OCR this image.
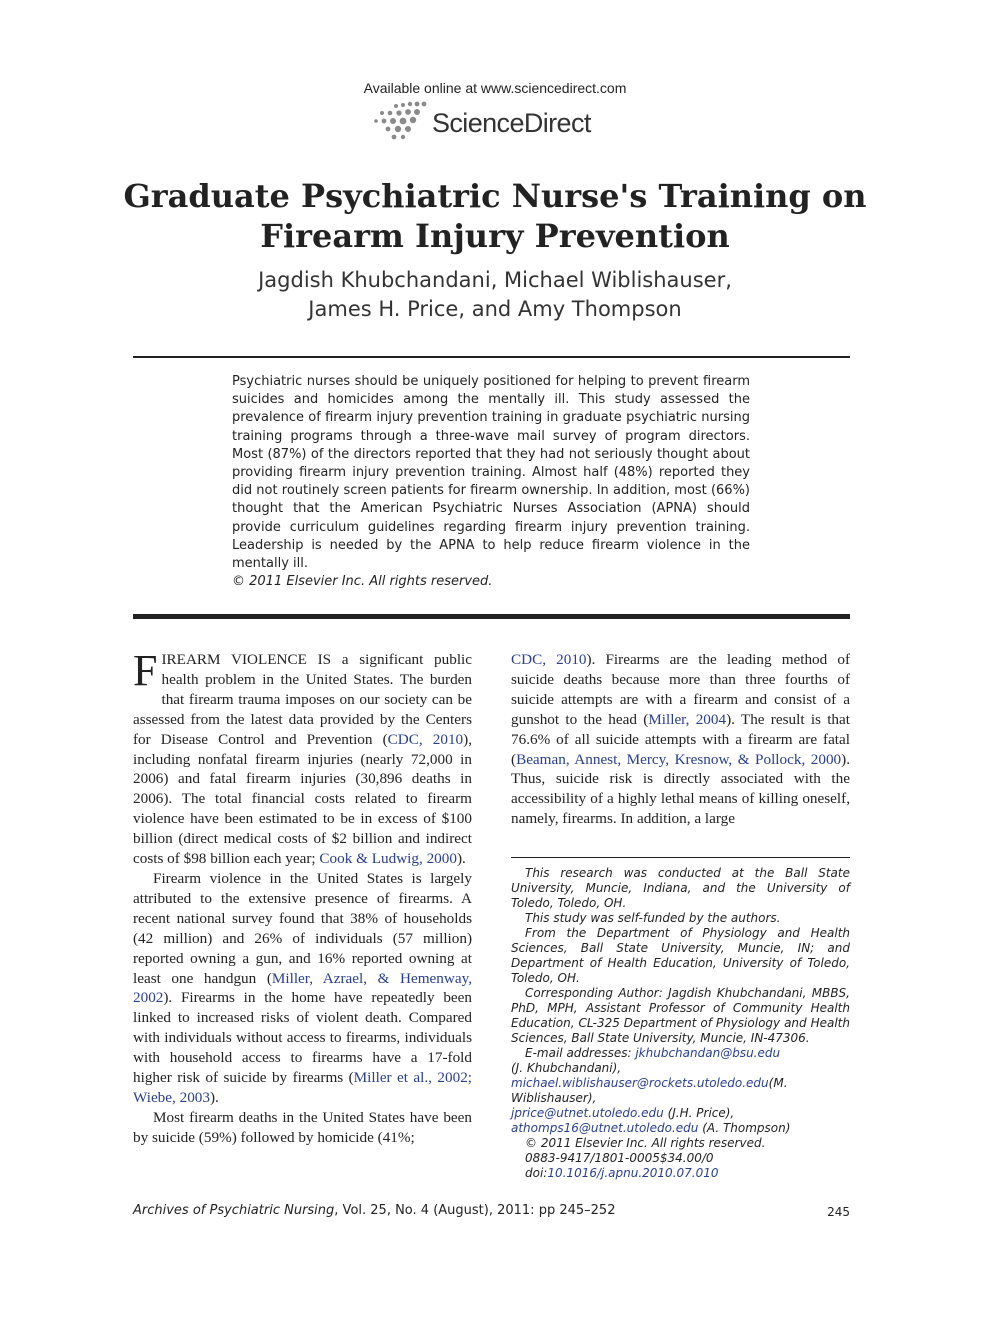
Available online at www.sciencedirect.com
ScienceDirect
Graduate Psychiatric Nurse's Training on
Firearm Injury Prevention
Jagdish Khubchandani, Michael Wiblishauser,
James H. Price, and Amy Thompson
Psychiatric nurses should be uniquely positioned for helping to prevent firearm suicides and homicides among the mentally ill. This study assessed the prevalence of firearm injury prevention training in graduate psychiatric nursing training programs through a three-wave mail survey of program directors. Most (87%) of the directors reported that they had not seriously thought about providing firearm injury prevention training. Almost half (48%) reported they did not routinely screen patients for firearm ownership. In addition, most (66%) thought that the American Psychiatric Nurses Association (APNA) should provide curriculum guidelines regarding firearm injury prevention training. Leadership is needed by the APNA to help reduce firearm violence in the mentally ill.
© 2011 Elsevier Inc. All rights reserved.

FIREARM VIOLENCE IS a significant public health problem in the United States. The burden that firearm trauma imposes on our society can be assessed from the latest data provided by the Centers for Disease Control and Prevention (CDC, 2010), including nonfatal firearm injuries (nearly 72,000 in 2006) and fatal firearm injuries (30,896 deaths in 2006). The total financial costs related to firearm violence have been estimated to be in excess of $100 billion (direct medical costs of $2 billion and indirect costs of $98 billion each year; Cook & Ludwig, 2000).

Firearm violence in the United States is largely attributed to the extensive presence of firearms. A recent national survey found that 38% of households (42 million) and 26% of individuals (57 million) reported owning a gun, and 16% reported owning at least one handgun (Miller, Azrael, & Hemenway, 2002). Firearms in the home have repeatedly been linked to increased risks of violent death. Compared with individuals without access to firearms, individuals with household access to firearms have a 17-fold higher risk of suicide by firearms (Miller et al., 2002; Wiebe, 2003).

Most firearm deaths in the United States have been by suicide (59%) followed by homicide (41%;

CDC, 2010). Firearms are the leading method of suicide deaths because more than three fourths of suicide attempts are with a firearm and consist of a gunshot to the head (Miller, 2004). The result is that 76.6% of all suicide attempts with a firearm are fatal (Beaman, Annest, Mercy, Kresnow, & Pollock, 2000). Thus, suicide risk is directly associated with the accessibility of a highly lethal means of killing oneself, namely, firearms. In addition, a large

This research was conducted at the Ball State University, Muncie, Indiana, and the University of Toledo, Toledo, OH.
This study was self-funded by the authors.
From the Department of Physiology and Health Sciences, Ball State University, Muncie, IN; and Department of Health Education, University of Toledo, Toledo, OH.
Corresponding Author: Jagdish Khubchandani, MBBS, PhD, MPH, Assistant Professor of Community Health Education, CL-325 Department of Physiology and Health Sciences, Ball State University, Muncie, IN-47306.
E-mail addresses: jkhubchandan@bsu.edu
(J. Khubchandani),
michael.wiblishauser@rockets.utoledo.edu(M. Wiblishauser),
jprice@utnet.utoledo.edu (J.H. Price),
athomps16@utnet.utoledo.edu (A. Thompson)
© 2011 Elsevier Inc. All rights reserved.
0883-9417/1801-0005$34.00/0
doi:10.1016/j.apnu.2010.07.010
Archives of Psychiatric Nursing, Vol. 25, No. 4 (August), 2011: pp 245–252	245
